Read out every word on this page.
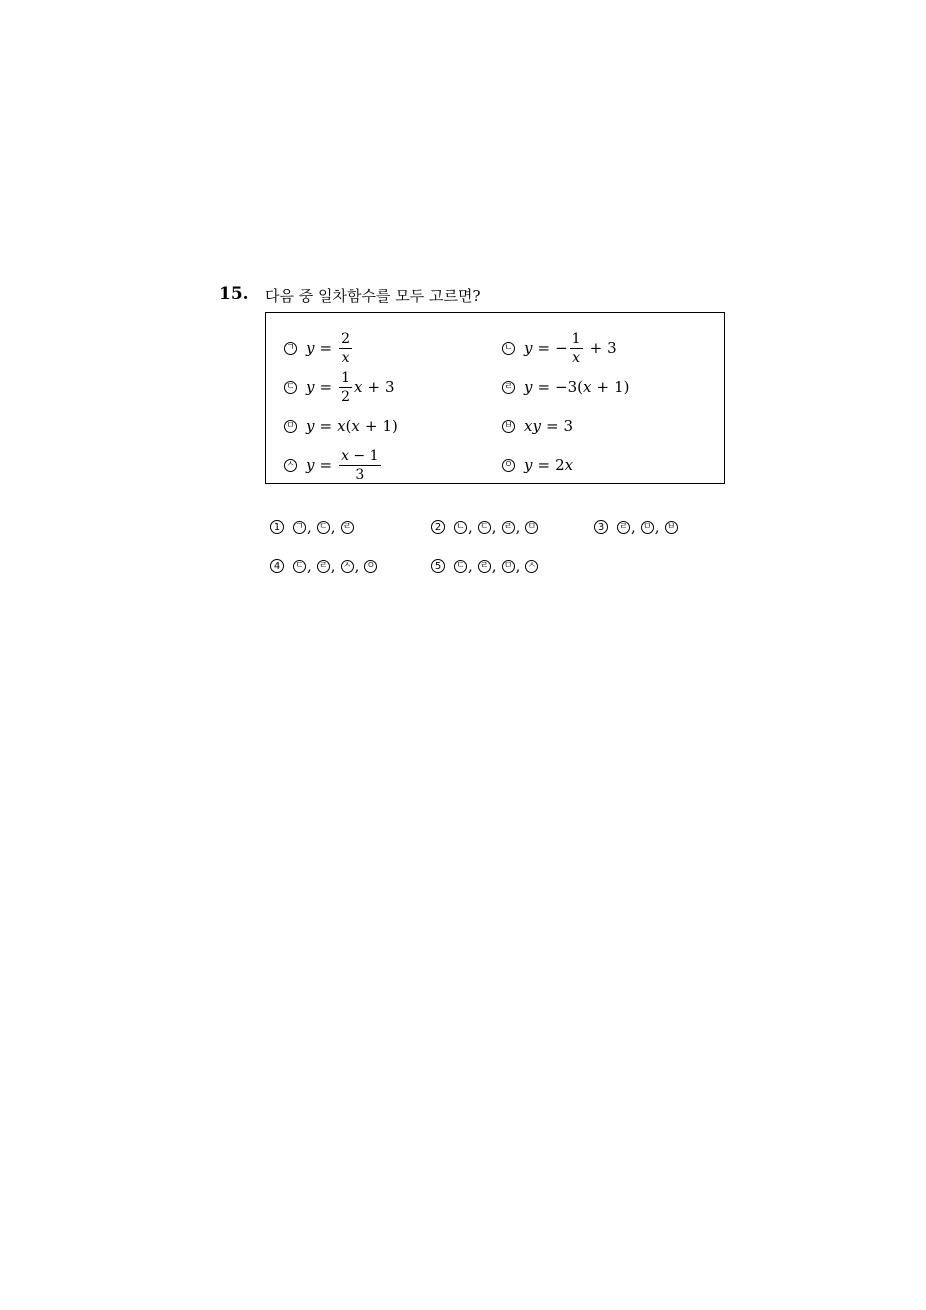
15. 다음 중 일차함수를 모두 고르면?
ㄱ $y = \frac{2}{x}$	ㄴ y = − $\frac{1}{x} + 3$
ㄷ $y = \frac{1}{2}$ x + 3	ㄹ y = −3( x + 1)
ㅁ y = x ( x + 1)	ㅂ xy = 3
ㅅ $y = \frac{x - 1}{3}$	ㅇ y = 2 x
1	ㄱ , ㄷ , ㄹ	2	ㄴ , ㄷ , ㄹ , ㅁ	3	ㄹ , ㅁ , ㅂ
4	ㄷ , ㄹ , ㅅ , ㅇ	5	ㄷ , ㄹ , ㅁ , ㅅ
